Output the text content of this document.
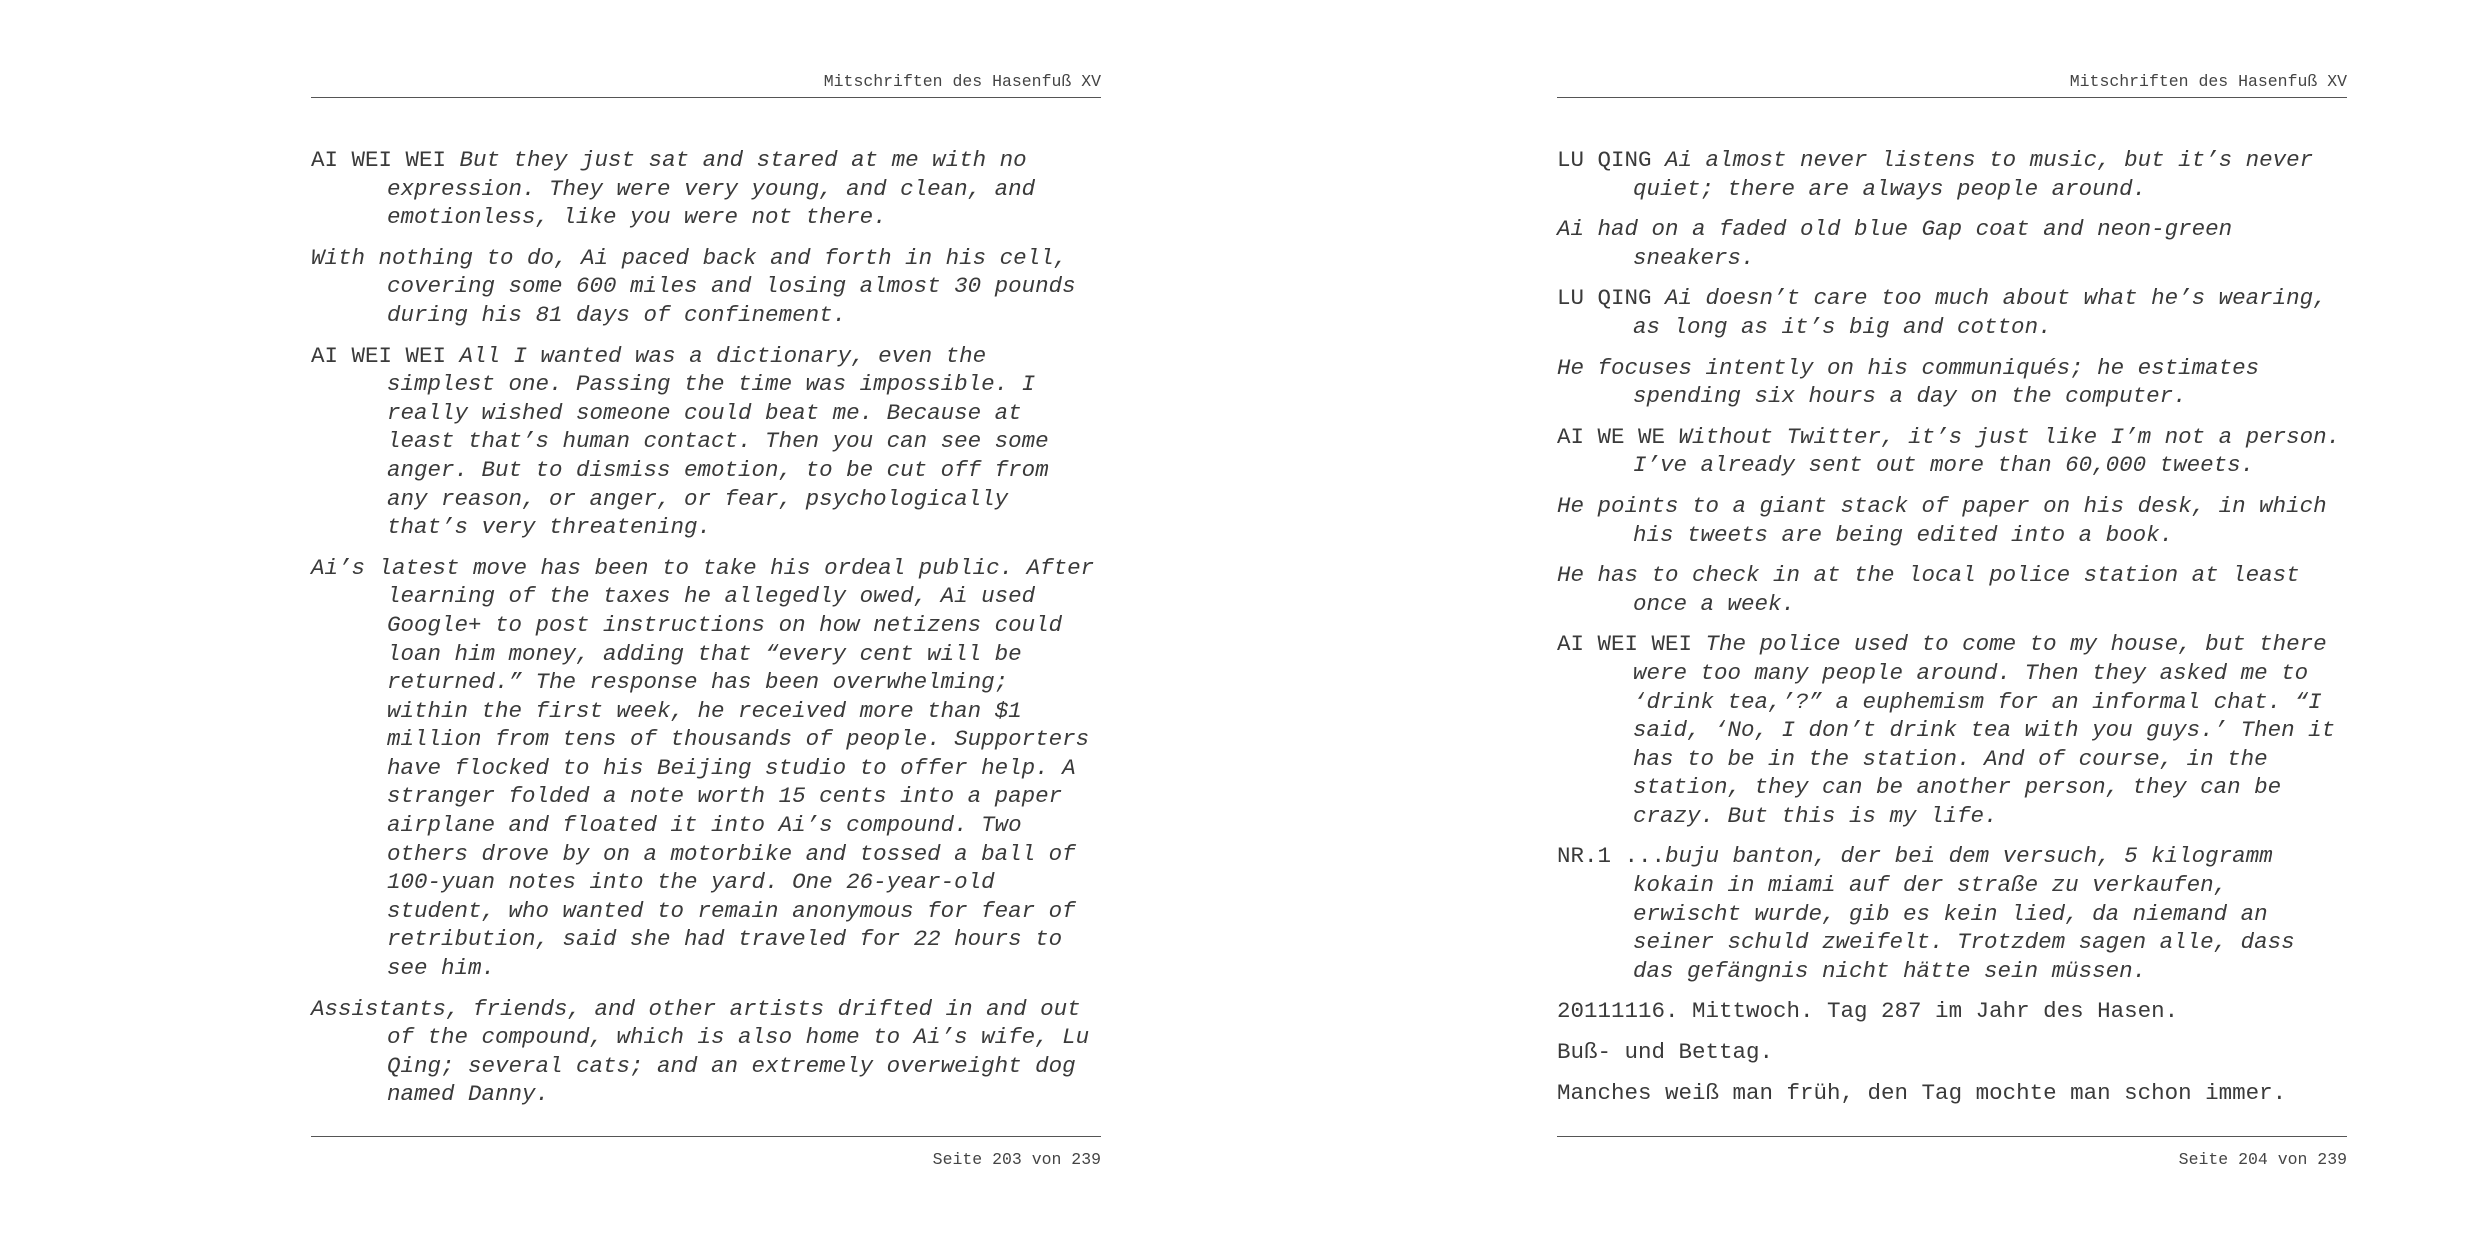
Mitschriften des Hasenfuß XV

AI WEI WEI But they just sat and stared at me with no expression. They were very young, and clean, and emotionless, like you were not there.

With nothing to do, Ai paced back and forth in his cell, covering some 600 miles and losing almost 30 pounds during his 81 days of confinement.

AI WEI WEI All I wanted was a dictionary, even the simplest one. Passing the time was impossible. I really wished someone could beat me. Because at least that’s human contact. Then you can see some anger. But to dismiss emotion, to be cut off from any reason, or anger, or fear, psychologically that’s very threatening.

Ai’s latest move has been to take his ordeal public. After learning of the taxes he allegedly owed, Ai used Google+ to post instructions on how netizens could loan him money, adding that “every cent will be returned.” The response has been overwhelming; within the first week, he received more than $1 million from tens of thousands of people. Supporters have flocked to his Beijing studio to offer help. A stranger folded a note worth 15 cents into a paper airplane and floated it into Ai’s compound. Two others drove by on a motorbike and tossed a ball of 100-yuan notes into the yard. One 26-year-old student, who wanted to remain anonymous for fear of retribution, said she had traveled for 22 hours to see him.

Assistants, friends, and other artists drifted in and out of the compound, which is also home to Ai’s wife, Lu Qing; several cats; and an extremely overweight dog named Danny.

Seite 203 von 239
Mitschriften des Hasenfuß XV

LU QING Ai almost never listens to music, but it’s never quiet; there are always people around.

Ai had on a faded old blue Gap coat and neon-green sneakers.

LU QING Ai doesn’t care too much about what he’s wearing, as long as it’s big and cotton.

He focuses intently on his communiqués; he estimates spending six hours a day on the computer.

AI WE WE Without Twitter, it’s just like I’m not a person. I’ve already sent out more than 60,000 tweets.

He points to a giant stack of paper on his desk, in which his tweets are being edited into a book.

He has to check in at the local police station at least once a week.

AI WEI WEI The police used to come to my house, but there were too many people around. Then they asked me to ‘drink tea,’?” a euphemism for an informal chat. “I said, ‘No, I don’t drink tea with you guys.’ Then it has to be in the station. And of course, in the station, they can be another person, they can be crazy. But this is my life.

NR.1 ...buju banton, der bei dem versuch, 5 kilogramm kokain in miami auf der straße zu verkaufen, erwischt wurde, gib es kein lied, da niemand an seiner schuld zweifelt. Trotzdem sagen alle, dass das gefängnis nicht hätte sein müssen.

20111116. Mittwoch. Tag 287 im Jahr des Hasen.

Buß- und Bettag.

Manches weiß man früh, den Tag mochte man schon immer.

Seite 204 von 239
